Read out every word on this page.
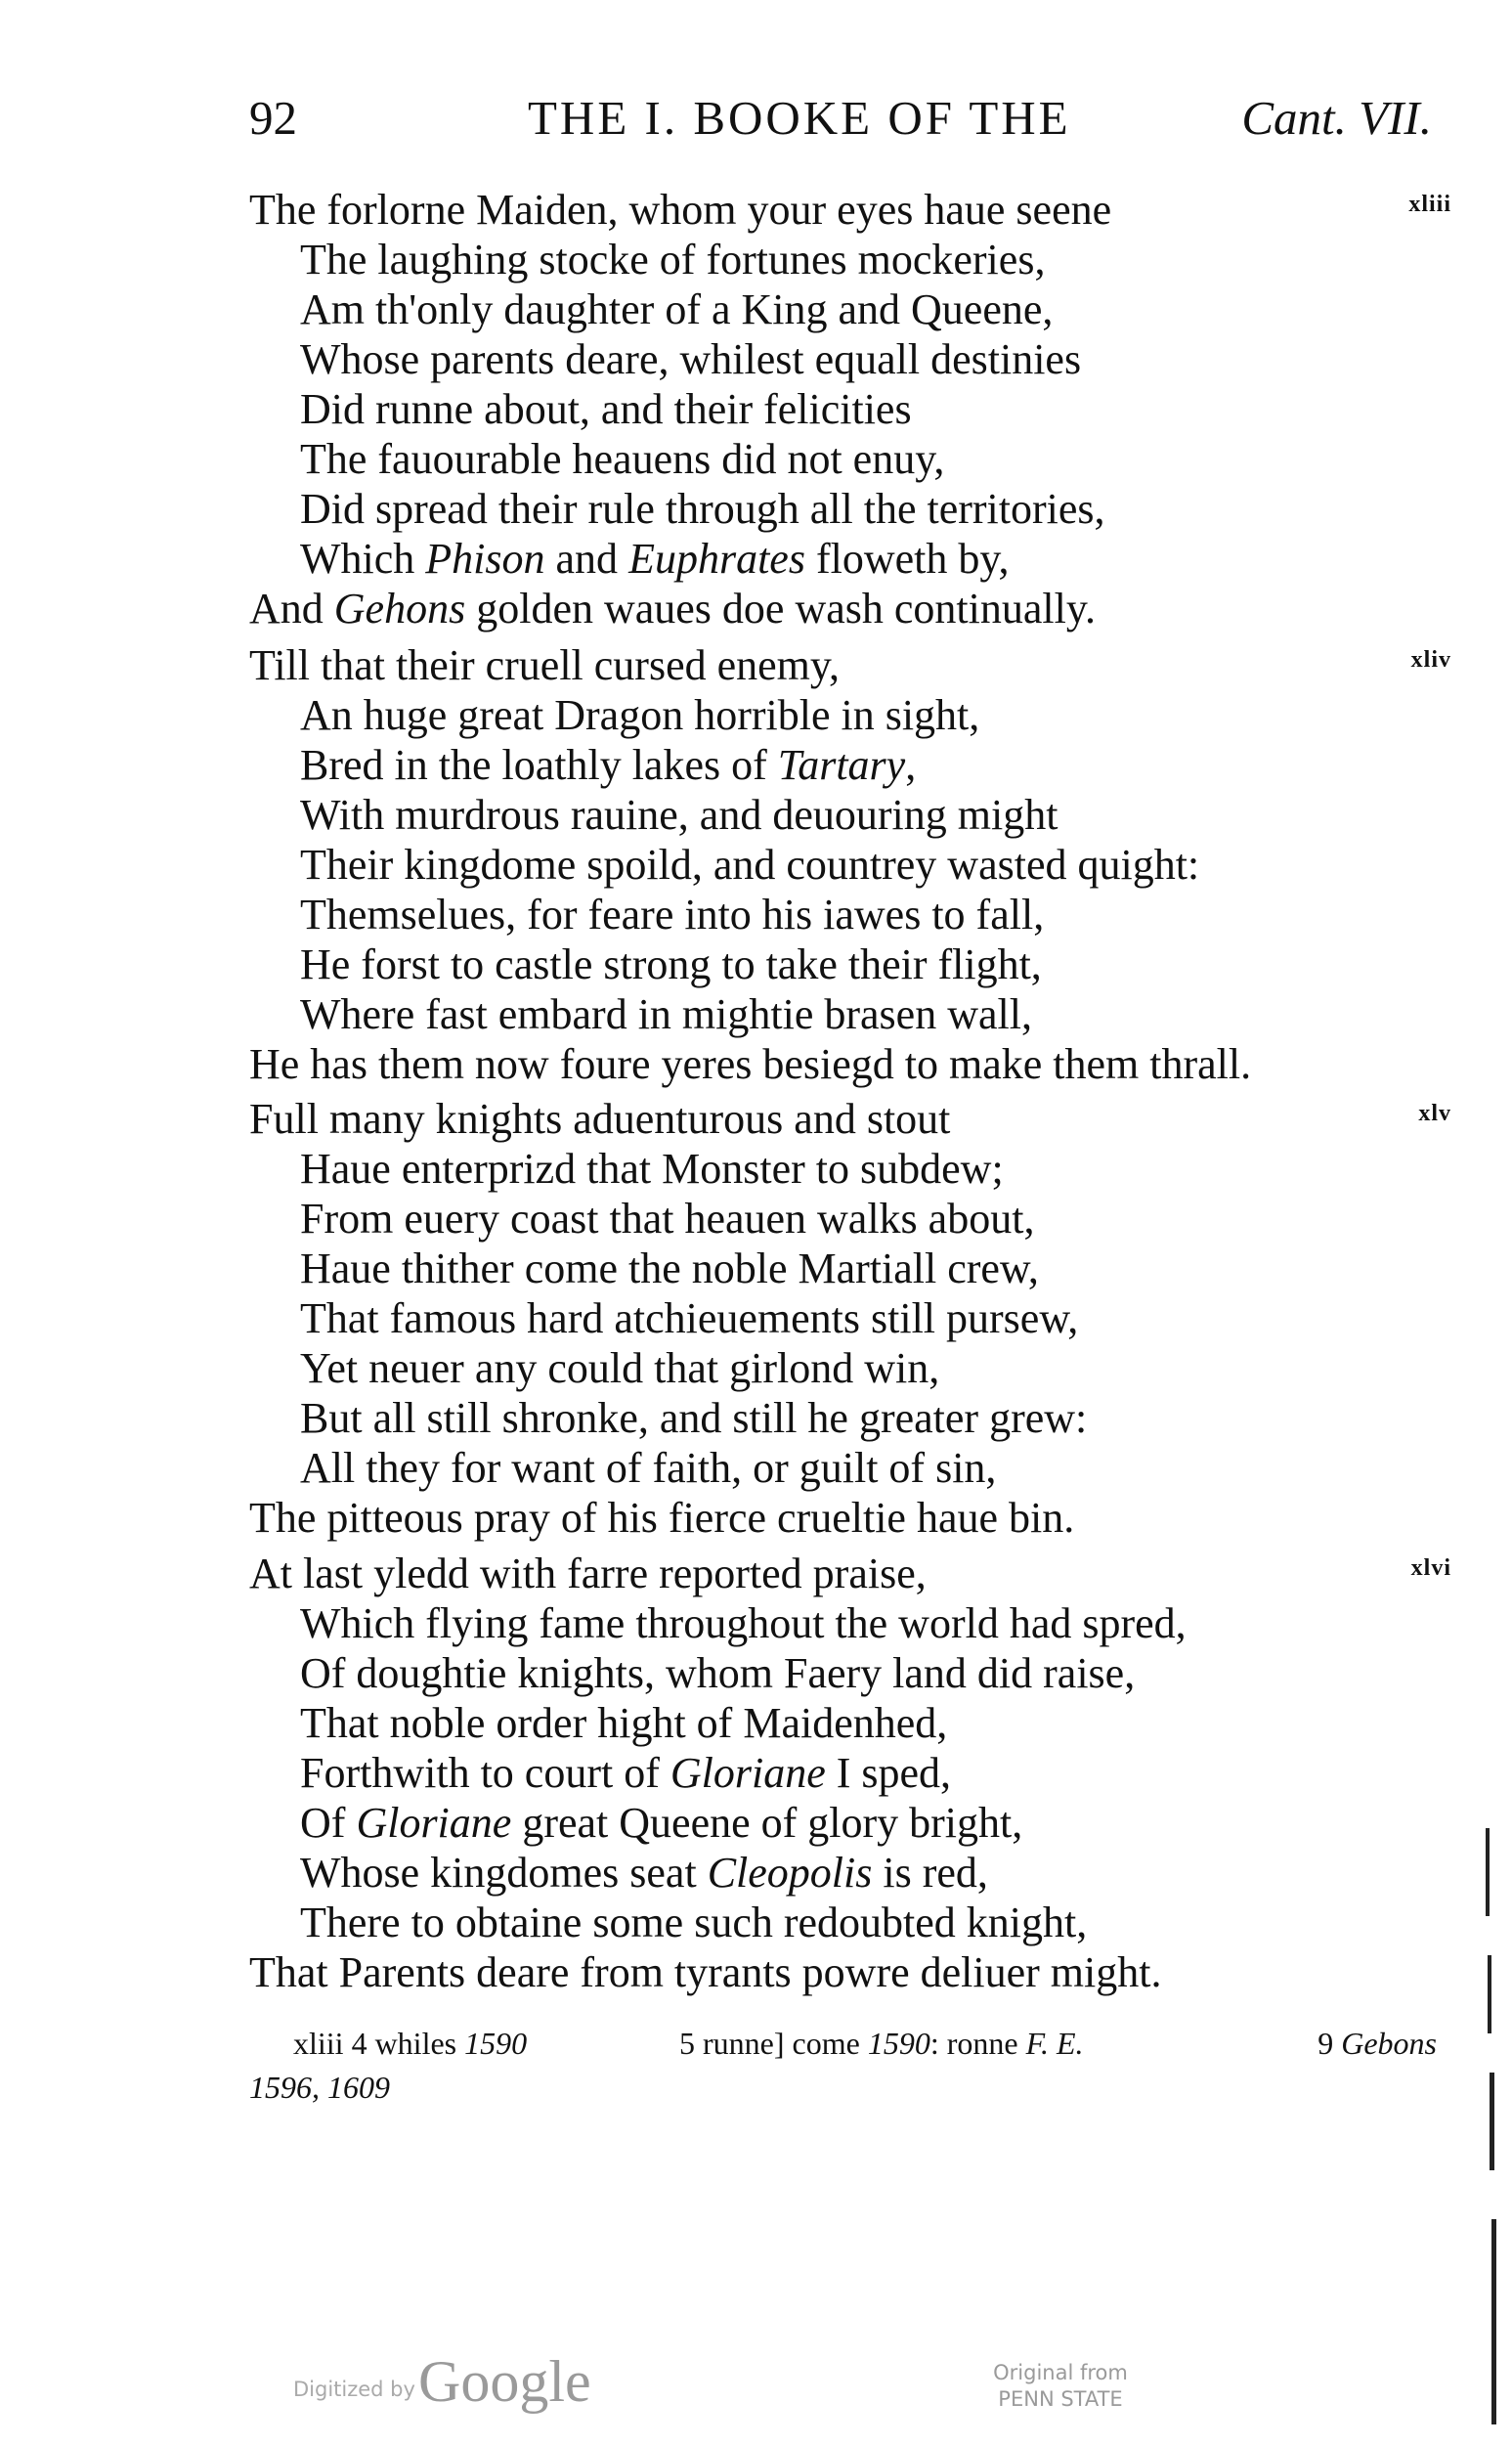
92	THE I. BOOKE OF THE	Cant. VII.
xliii
The forlorne Maiden, whom your eyes haue seene
The laughing stocke of fortunes mockeries,
Am th'only daughter of a King and Queene,
Whose parents deare, whilest equall destinies
Did runne about, and their felicities
The fauourable heauens did not enuy,
Did spread their rule through all the territories,
Which Phison and Euphrates floweth by,
And Gehons golden waues doe wash continually.
xliv
Till that their cruell cursed enemy,
An huge great Dragon horrible in sight,
Bred in the loathly lakes of Tartary,
With murdrous rauine, and deuouring might
Their kingdome spoild, and countrey wasted quight:
Themselues, for feare into his iawes to fall,
He forst to castle strong to take their flight,
Where fast embard in mightie brasen wall,
He has them now foure yeres besiegd to make them thrall.
xlv
Full many knights aduenturous and stout
Haue enterprizd that Monster to subdew;
From euery coast that heauen walks about,
Haue thither come the noble Martiall crew,
That famous hard atchieuements still pursew,
Yet neuer any could that girlond win,
But all still shronke, and still he greater grew:
All they for want of faith, or guilt of sin,
The pitteous pray of his fierce crueltie haue bin.
xlvi
At last yledd with farre reported praise,
Which flying fame throughout the world had spred,
Of doughtie knights, whom Faery land did raise,
That noble order hight of Maidenhed,
Forthwith to court of Gloriane I sped,
Of Gloriane great Queene of glory bright,
Whose kingdomes seat Cleopolis is red,
There to obtaine some such redoubted knight,
That Parents deare from tyrants powre deliuer might.
xliii 4 whiles 1590	5 runne] come 1590: ronne F. E.	9 Gebons
1596, 1609
Digitized by Google	Original from
PENN STATE
